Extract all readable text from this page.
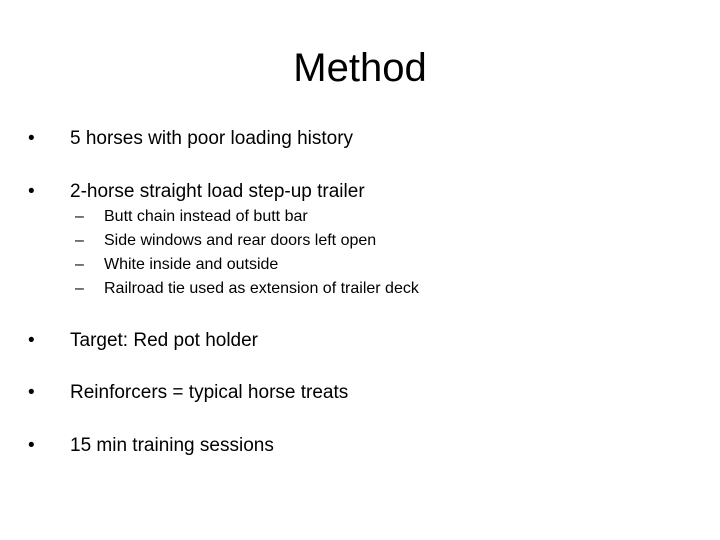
Method
• 5 horses with poor loading history
• 2-horse straight load step-up trailer
– Butt chain instead of butt bar
– Side windows and rear doors left open
– White inside and outside
– Railroad tie used as extension of trailer deck
• Target: Red pot holder
• Reinforcers = typical horse treats
• 15 min training sessions
